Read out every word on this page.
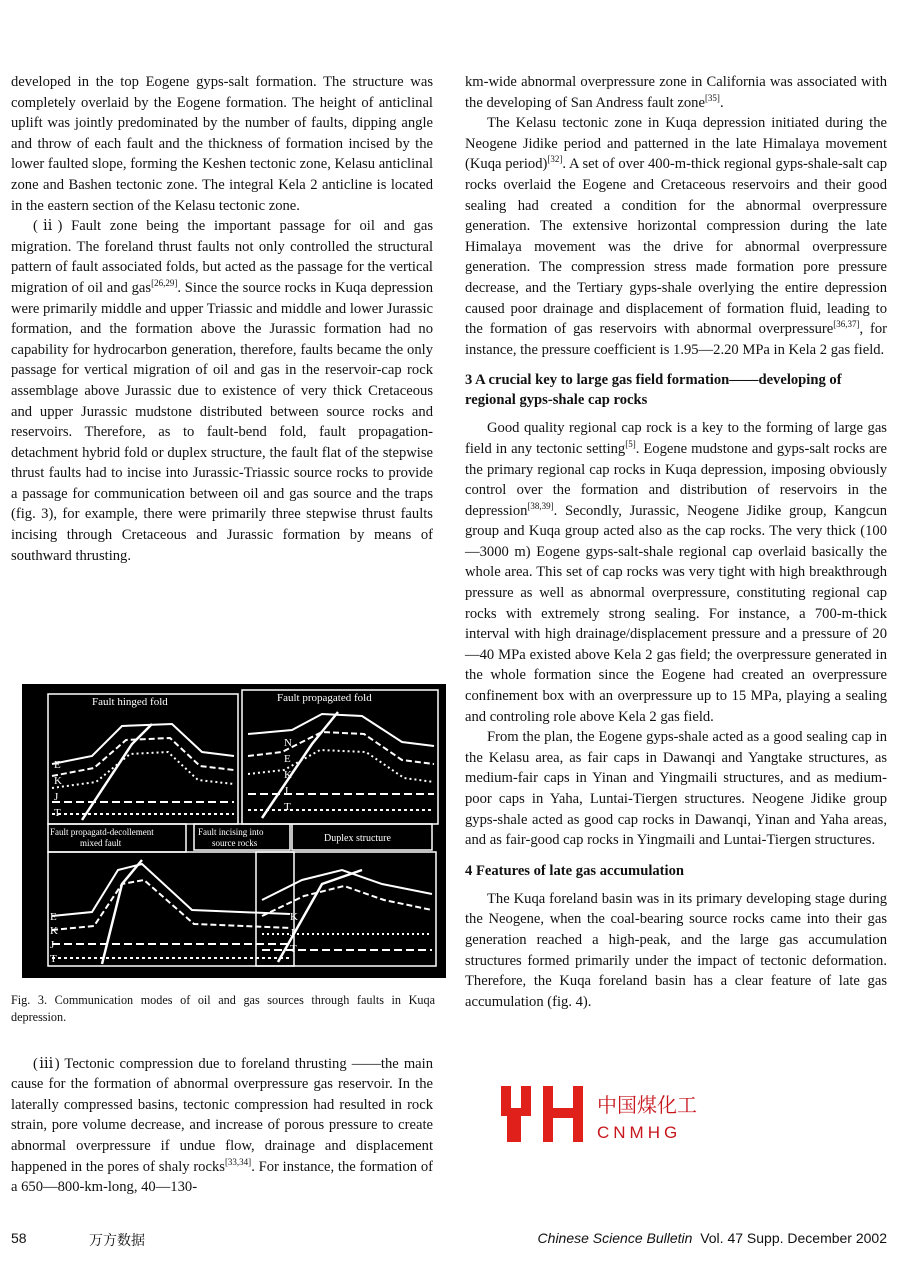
developed in the top Eogene gyps-salt formation. The structure was completely overlaid by the Eogene formation. The height of anticlinal uplift was jointly predominated by the number of faults, dipping angle and throw of each fault and the thickness of formation incised by the lower faulted slope, forming the Keshen tectonic zone, Kelasu anticlinal zone and Bashen tectonic zone. The integral Kela 2 anticline is located in the eastern section of the Kelasu tectonic zone.

(ⅱ) Fault zone being the important passage for oil and gas migration. The foreland thrust faults not only controlled the structural pattern of fault associated folds, but acted as the passage for the vertical migration of oil and gas[26,29]. Since the source rocks in Kuqa depression were primarily middle and upper Triassic and middle and lower Jurassic formation, and the formation above the Jurassic formation had no capability for hydrocarbon generation, therefore, faults became the only passage for vertical migration of oil and gas in the reservoir-cap rock assemblage above Jurassic due to existence of very thick Cretaceous and upper Jurassic mudstone distributed between source rocks and reservoirs. Therefore, as to fault-bend fold, fault propagation-detachment hybrid fold or duplex structure, the fault flat of the stepwise thrust faults had to incise into Jurassic-Triassic source rocks to provide a passage for communication between oil and gas source and the traps (fig. 3), for example, there were primarily three stepwise thrust faults incising through Cretaceous and Jurassic formation by means of southward thrusting.

Fault hinged fold	Fault propagated fold
Fault propagatd-decollement
mixed fault
Fault incising into
source rocks	Duplex structure
E
K
J
T
N
E
K
J
T
E
K
J
T
K
J
T
Fig. 3. Communication modes of oil and gas sources through faults in Kuqa depression.

(ⅲ) Tectonic compression due to foreland thrusting ——the main cause for the formation of abnormal overpressure gas reservoir. In the laterally compressed basins, tectonic compression had resulted in rock strain, pore volume decrease, and increase of porous pressure to create abnormal overpressure if undue flow, drainage and displacement happened in the pores of shaly rocks[33,34]. For instance, the formation of a 650—800-km-long, 40—130-

km-wide abnormal overpressure zone in California was associated with the developing of San Andress fault zone[35].

The Kelasu tectonic zone in Kuqa depression initiated during the Neogene Jidike period and patterned in the late Himalaya movement (Kuqa period)[32]. A set of over 400-m-thick regional gyps-shale-salt cap rocks overlaid the Eogene and Cretaceous reservoirs and their good sealing had created a condition for the abnormal overpressure generation. The extensive horizontal compression during the late Himalaya movement was the drive for abnormal overpressure generation. The compression stress made formation pore pressure decrease, and the Tertiary gyps-shale overlying the entire depression caused poor drainage and displacement of formation fluid, leading to the formation of gas reservoirs with abnormal overpressure[36,37], for instance, the pressure coefficient is 1.95—2.20 MPa in Kela 2 gas field.

3 A crucial key to large gas field formation——developing of regional gyps-shale cap rocks

Good quality regional cap rock is a key to the forming of large gas field in any tectonic setting[5]. Eogene mudstone and gyps-salt rocks are the primary regional cap rocks in Kuqa depression, imposing obviously control over the formation and distribution of reservoirs in the depression[38,39]. Secondly, Jurassic, Neogene Jidike group, Kangcun group and Kuqa group acted also as the cap rocks. The very thick (100—3000 m) Eogene gyps-salt-shale regional cap overlaid basically the whole area. This set of cap rocks was very tight with high breakthrough pressure as well as abnormal overpressure, constituting regional cap rocks with extremely strong sealing. For instance, a 700-m-thick interval with high drainage/displacement pressure and a pressure of 20—40 MPa existed above Kela 2 gas field; the overpressure generated in the whole formation since the Eogene had created an overpressure confinement box with an overpressure up to 15 MPa, playing a sealing and controling role above Kela 2 gas field.

From the plan, the Eogene gyps-shale acted as a good sealing cap in the Kelasu area, as fair caps in Dawanqi and Yangtake structures, as medium-fair caps in Yinan and Yingmaili structures, and as medium-poor caps in Yaha, Luntai-Tiergen structures. Neogene Jidike group gyps-shale acted as good cap rocks in Dawanqi, Yinan and Yaha areas, and as fair-good cap rocks in Yingmaili and Luntai-Tiergen structures.

4 Features of late gas accumulation

The Kuqa foreland basin was in its primary developing stage during the Neogene, when the coal-bearing source rocks came into their gas generation reached a high-peak, and the large gas accumulation structures formed primarily under the impact of tectonic deformation. Therefore, the Kuqa foreland basin has a clear feature of late gas accumulation (fig. 4).

中国煤化工
CNMHG
58	万方数据	Chinese Science Bulletin Vol. 47 Supp. December 2002
